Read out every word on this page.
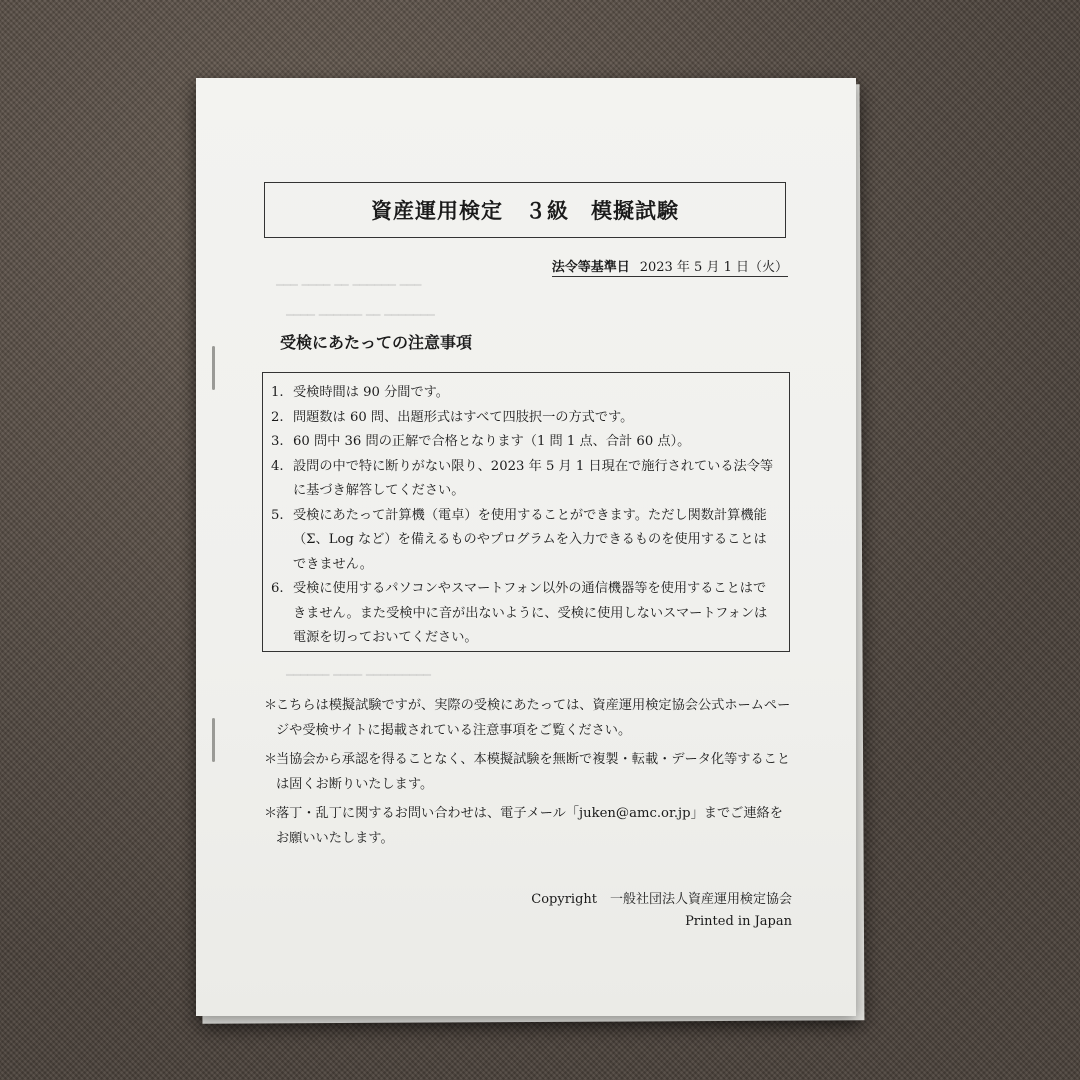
━━━ ━━━━ ━━ ━━━━━━ ━━━
━━━━ ━━━━━━ ━━ ━━━━━━━
━━━━━━ ━━━━ ━━━━━━━━━
資産運用検定　３級　模擬試験
法令等基準日 2023 年 5 月 1 日（火）
受検にあたっての注意事項
1. 受検時間は 90 分間です。
2. 問題数は 60 問、出題形式はすべて四肢択一の方式です。
3. 60 問中 36 問の正解で合格となります（1 問 1 点、合計 60 点）。
4. 設問の中で特に断りがない限り、2023 年 5 月 1 日現在で施行されている法令等に基づき解答してください。
5. 受検にあたって計算機（電卓）を使用することができます。ただし関数計算機能（Σ、Log など）を備えるものやプログラムを入力できるものを使用することはできません。
6. 受検に使用するパソコンやスマートフォン以外の通信機器等を使用することはできません。また受検中に音が出ないように、受検に使用しないスマートフォンは電源を切っておいてください。
＊
こちらは模擬試験ですが、実際の受検にあたっては、資産運用検定協会公式ホームページや受検サイトに掲載されている注意事項をご覧ください。
＊
当協会から承認を得ることなく、本模擬試験を無断で複製・転載・データ化等することは固くお断りいたします。
＊
落丁・乱丁に関するお問い合わせは、電子メール「juken@amc.or.jp」までご連絡をお願いいたします。
Copyright　一般社団法人資産運用検定協会
Printed in Japan
